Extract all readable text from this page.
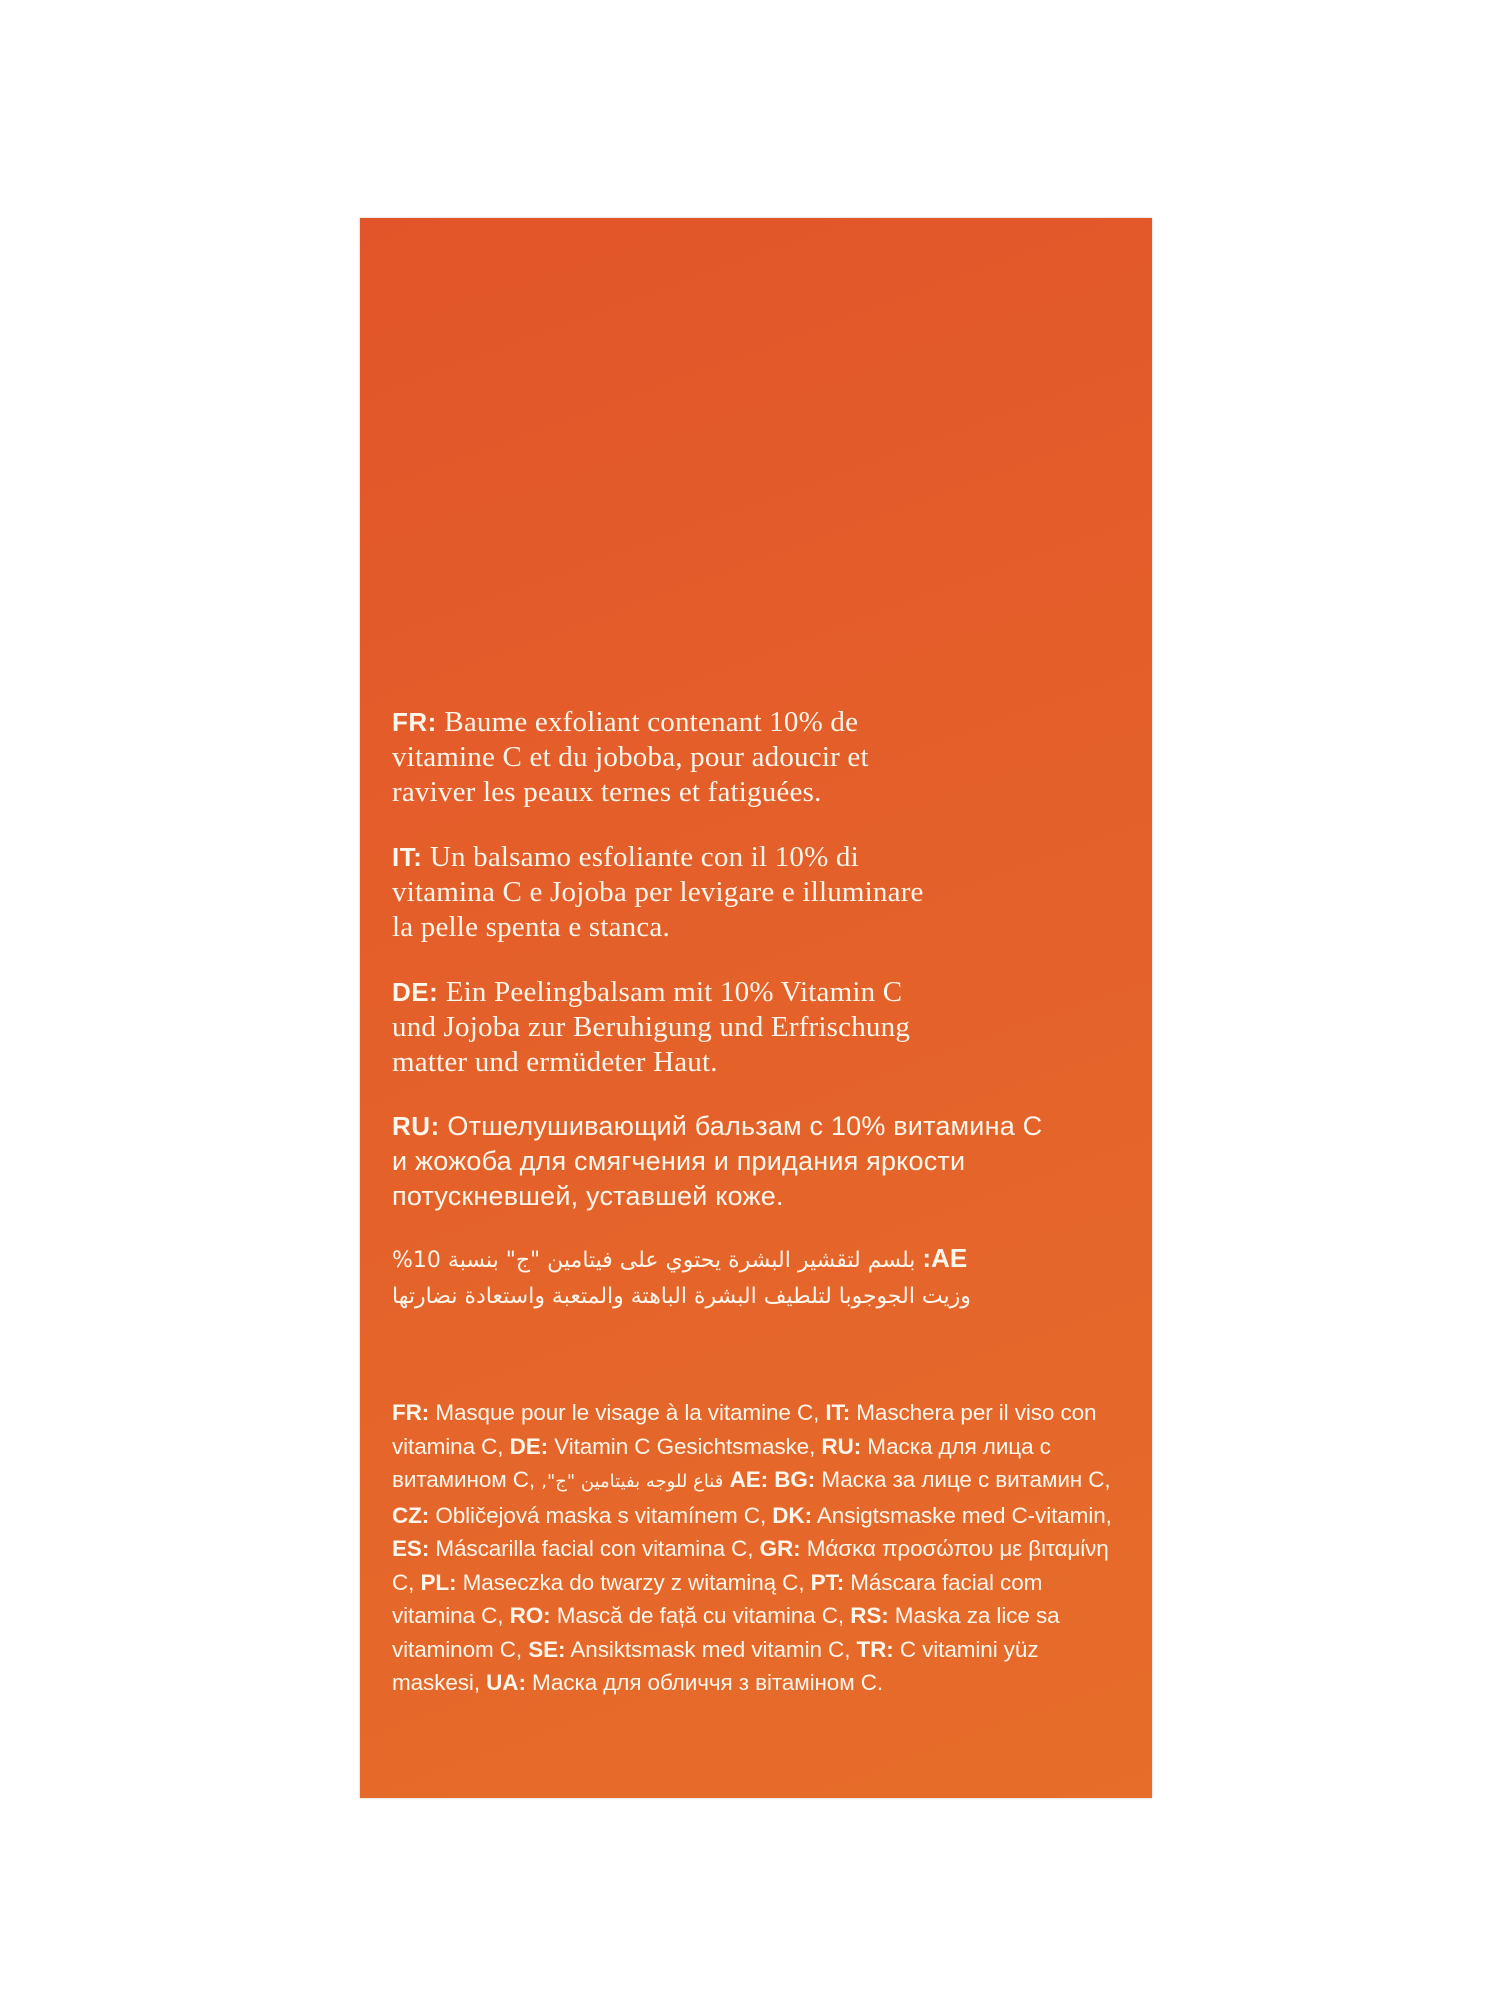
FR: Baume exfoliant contenant 10% de
vitamine C et du joboba, pour adoucir et
raviver les peaux ternes et fatiguées.
IT: Un balsamo esfoliante con il 10% di
vitamina C e Jojoba per levigare e illuminare
la pelle spenta e stanca.
DE: Ein Peelingbalsam mit 10% Vitamin C
und Jojoba zur Beruhigung und Erfrischung
matter und ermüdeter Haut.
RU: Отшелушивающий бальзам с 10% витамина С
и жожоба для смягчения и придания яркости
потускневшей, уставшей коже.
AE: بلسم لتقشير البشرة يحتوي على فيتامين "ج" بنسبة 10%
وزيت الجوجوبا لتلطيف البشرة الباهتة والمتعبة واستعادة نضارتها
FR: Masque pour le visage à la vitamine C, IT: Maschera per il viso con vitamina C, DE: Vitamin C Gesichtsmaske, RU: Маска для лица с витамином С, قناع للوجه بفيتامين "ج", AE: BG: Маска за лице с витамин С, CZ: Obličejová maska s vitamínem C, DK: Ansigtsmaske med C-vitamin, ES: Máscarilla facial con vitamina C, GR: Μάσκα προσώπου με βιταμίνη C, PL: Maseczka do twarzy z witaminą C, PT: Máscara facial com vitamina C, RO: Mască de față cu vitamina C, RS: Maska za lice sa vitaminom C, SE: Ansiktsmask med vitamin C, TR: C vitamini yüz maskesi, UA: Маска для обличчя з вітаміном С.
